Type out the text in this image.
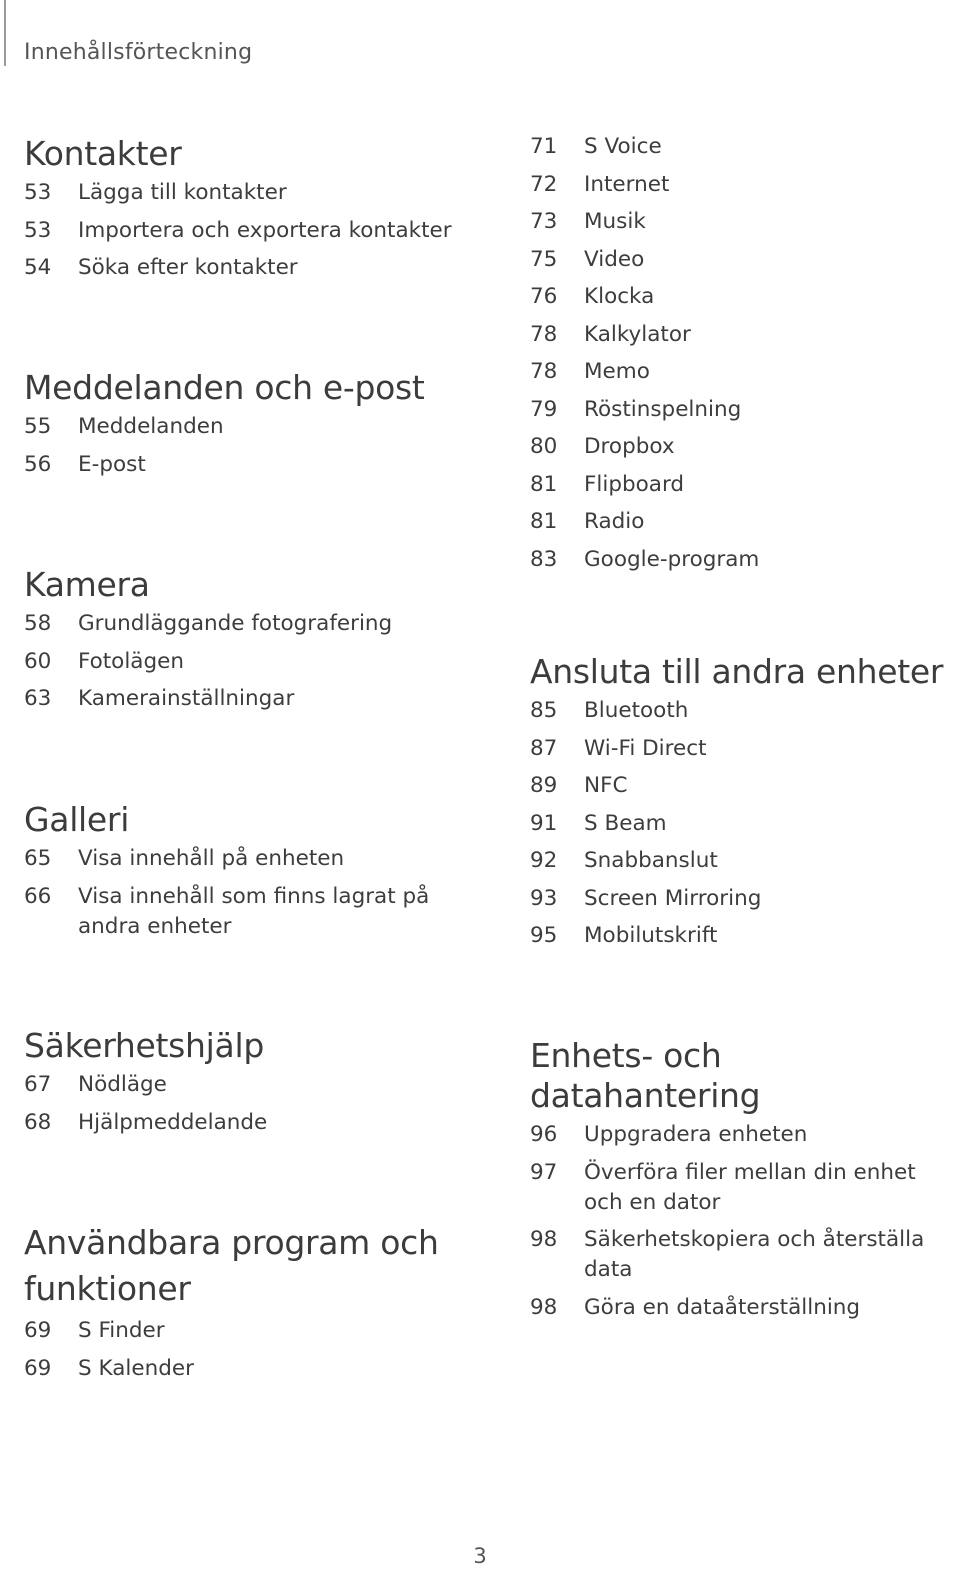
Innehållsförteckning
Kontakter
53	Lägga till kontakter
53	Importera och exportera kontakter
54	Söka efter kontakter
Meddelanden och e-post
55	Meddelanden
56	E-post
Kamera
58	Grundläggande fotografering
60	Fotolägen
63	Kamerainställningar
Galleri
65	Visa innehåll på enheten
66	Visa innehåll som finns lagrat på andra enheter
Säkerhetshjälp
67	Nödläge
68	Hjälpmeddelande
Användbara program och funktioner
69	S Finder
69	S Kalender
71	S Voice
72	Internet
73	Musik
75	Video
76	Klocka
78	Kalkylator
78	Memo
79	Röstinspelning
80	Dropbox
81	Flipboard
81	Radio
83	Google-program
Ansluta till andra enheter
85	Bluetooth
87	Wi-Fi Direct
89	NFC
91	S Beam
92	Snabbanslut
93	Screen Mirroring
95	Mobilutskrift
Enhets- och datahantering
96	Uppgradera enheten
97	Överföra filer mellan din enhet och en dator
98	Säkerhetskopiera och återställa data
98	Göra en dataåterställning
3
